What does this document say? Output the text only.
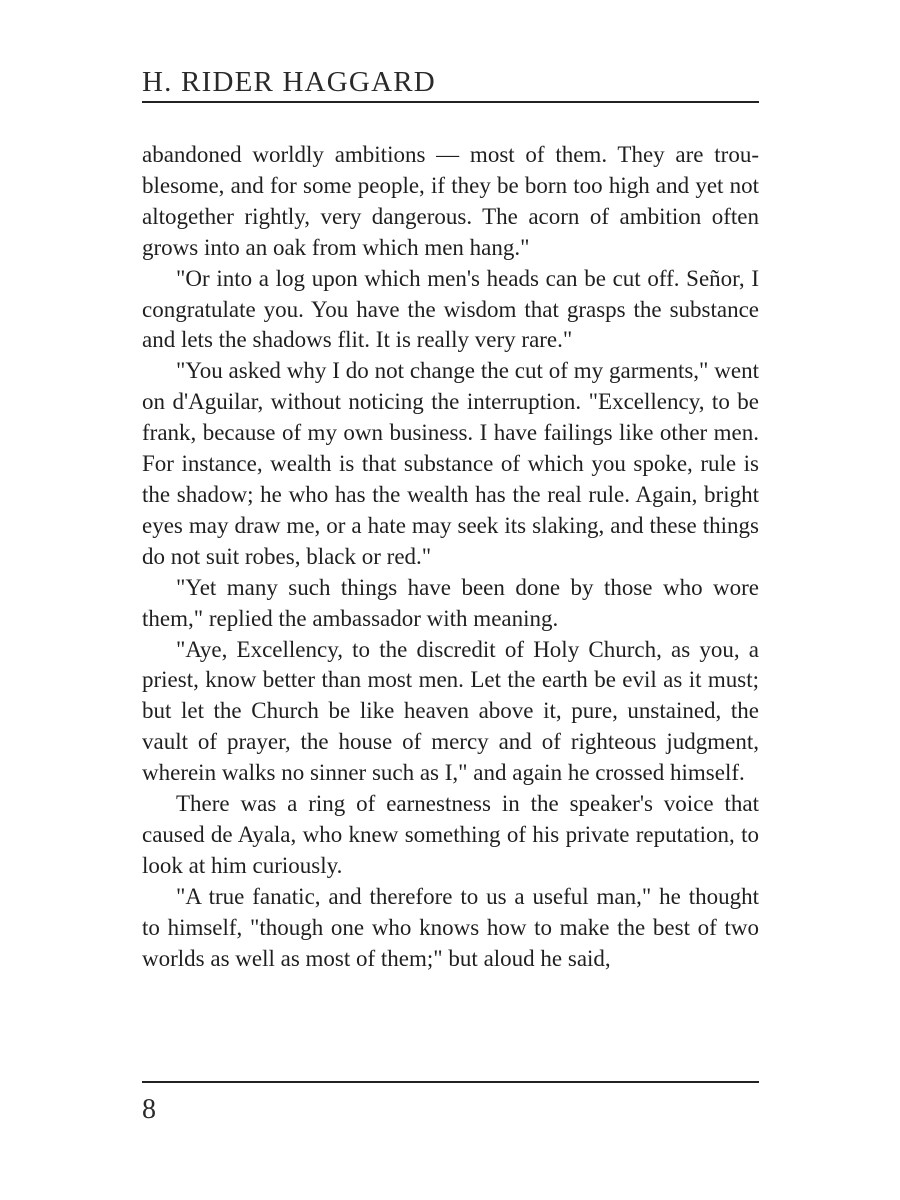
H. RIDER HAGGARD

abandoned worldly ambitions — most of them. They are troublesome, and for some people, if they be born too high and yet not altogether rightly, very dangerous. The acorn of ambition often grows into an oak from which men hang."

"Or into a log upon which men's heads can be cut off. Señor, I congratulate you. You have the wisdom that grasps the substance and lets the shadows flit. It is really very rare."

"You asked why I do not change the cut of my garments," went on d'Aguilar, without noticing the interruption. "Excellency, to be frank, because of my own business. I have failings like other men. For instance, wealth is that substance of which you spoke, rule is the shadow; he who has the wealth has the real rule. Again, bright eyes may draw me, or a hate may seek its slaking, and these things do not suit robes, black or red."

"Yet many such things have been done by those who wore them," replied the ambassador with meaning.

"Aye, Excellency, to the discredit of Holy Church, as you, a priest, know better than most men. Let the earth be evil as it must; but let the Church be like heaven above it, pure, unstained, the vault of prayer, the house of mercy and of righteous judgment, wherein walks no sinner such as I," and again he crossed himself.

There was a ring of earnestness in the speaker's voice that caused de Ayala, who knew something of his private reputation, to look at him curiously.

"A true fanatic, and therefore to us a useful man," he thought to himself, "though one who knows how to make the best of two worlds as well as most of them;" but aloud he said,

8
